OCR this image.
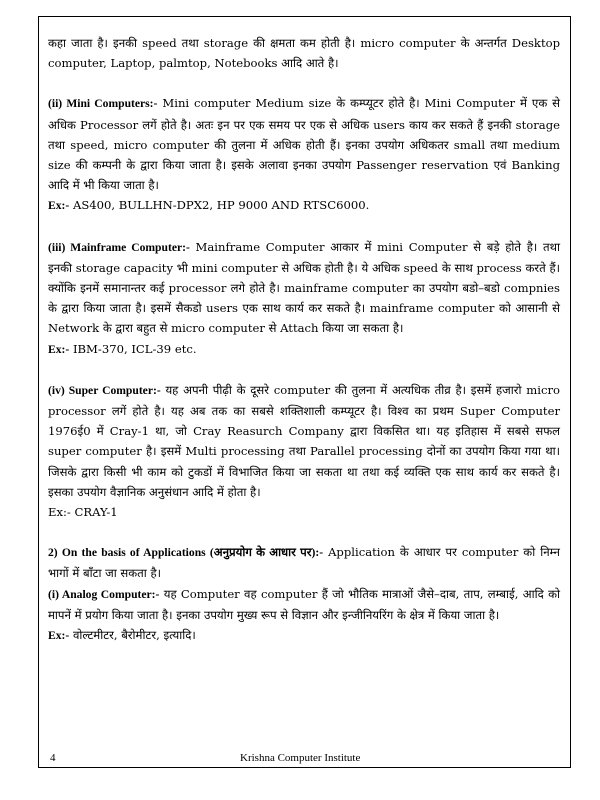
कहा जाता है। इनकी speed तथा storage की क्षमता कम होती है। micro computer के अन्तर्गत Desktop computer, Laptop, palmtop, Notebooks आदि आते है।

(ii) Mini Computers:- Mini computer Medium size के कम्प्यूटर होते है। Mini Computer में एक से अधिक Processor लगें होते है। अतः इन पर एक समय पर एक से अधिक users काय कर सकते हैं इनकी storage तथा speed, micro computer की तुलना में अधिक होती हैं। इनका उपयोग अधिकतर small तथा medium size की कम्पनी के द्वारा किया जाता है। इसके अलावा इनका उपयोग Passenger reservation एवं Banking आदि में भी किया जाता है।

Ex:- AS400, BULLHN-DPX2, HP 9000 AND RTSC6000.

(iii) Mainframe Computer:- Mainframe Computer आकार में mini Computer से बड़े होते है। तथा इनकी storage capacity भी mini computer से अधिक होती है। ये अधिक speed के साथ process करते हैं। क्योंकि इनमें समानान्तर कई processor लगे होते है। mainframe computer का उपयोग बडो–बडो compnies के द्वारा किया जाता है। इसमें सैकडो users एक साथ कार्य कर सकते है। mainframe computer को आसानी से Network के द्वारा बहुत से micro computer से Attach किया जा सकता है।

Ex:- IBM-370, ICL-39 etc.

(iv) Super Computer:- यह अपनी पीढ़ी के दूसरे computer की तुलना में अत्यधिक तीव्र है। इसमें हजारो micro processor लगें होते है। यह अब तक का सबसे शक्तिशाली कम्प्यूटर है। विश्व का प्रथम Super Computer 1976ई0 में Cray-1 था, जो Cray Reasurch Company द्वारा विकसित था। यह इतिहास में सबसे सफल super computer है। इसमें Multi processing तथा Parallel processing दोनों का उपयोग किया गया था। जिसके द्वारा किसी भी काम को टुकडों में विभाजित किया जा सकता था तथा कई व्यक्ति एक साथ कार्य कर सकते है। इसका उपयोग वैज्ञानिक अनुसंधान आदि में होता है।

Ex:- CRAY-1

2) On the basis of Applications (अनुप्रयोग के आधार पर):- Application के आधार पर computer को निम्न भागों में बाँटा जा सकता है।

(i) Analog Computer:- यह Computer वह computer हैं जो भौतिक मात्राओं जैसे–दाब, ताप, लम्बाई, आदि को मापनें में प्रयोग किया जाता है। इनका उपयोग मुख्य रूप से विज्ञान और इन्जीनियरिंग के क्षेत्र में किया जाता है।

Ex:- वोल्टमीटर, बैरोमीटर, इत्यादि।

4	Krishna Computer Institute
